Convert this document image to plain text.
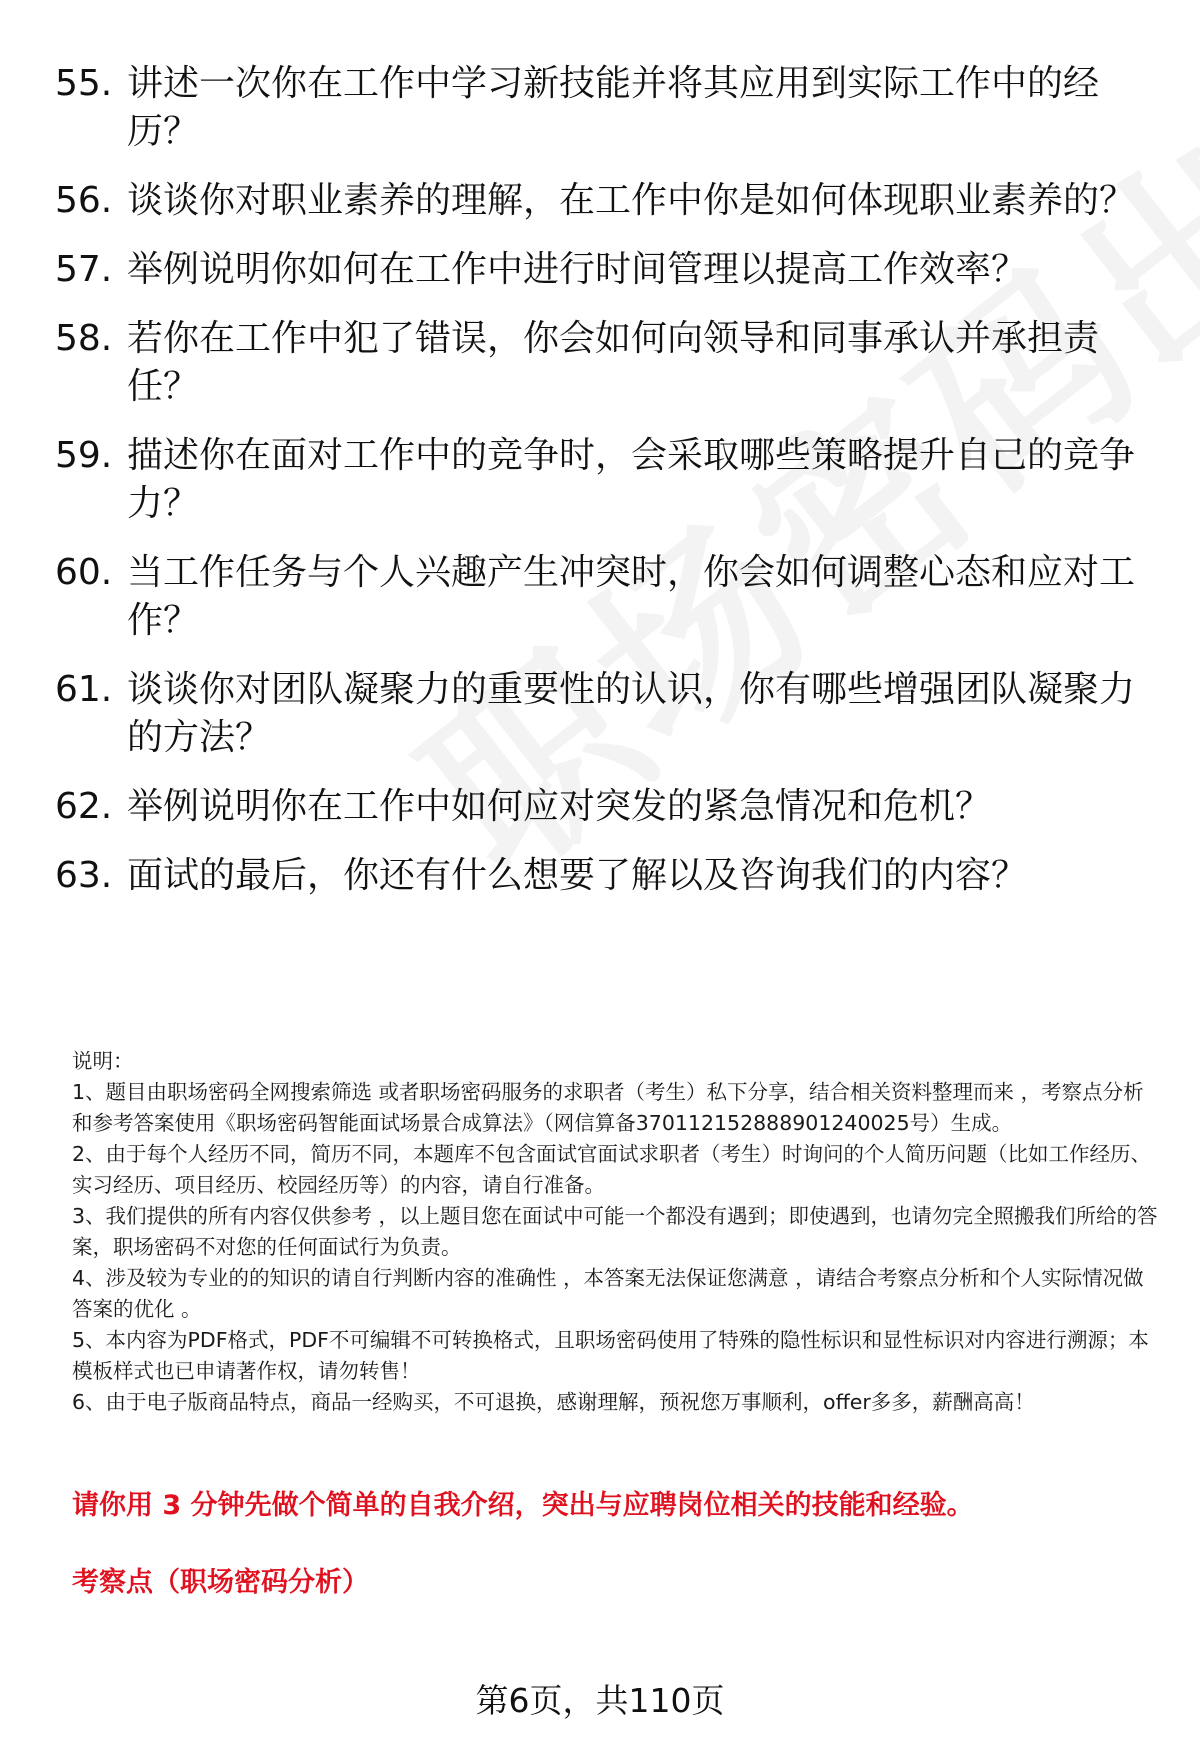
55. 讲述一次你在工作中学习新技能并将其应用到实际工作中的经历？
56. 谈谈你对职业素养的理解，在工作中你是如何体现职业素养的？
57. 举例说明你如何在工作中进行时间管理以提高工作效率？
58. 若你在工作中犯了错误，你会如何向领导和同事承认并承担责任？
59. 描述你在面对工作中的竞争时，会采取哪些策略提升自己的竞争力？
60. 当工作任务与个人兴趣产生冲突时，你会如何调整心态和应对工作？
61. 谈谈你对团队凝聚力的重要性的认识，你有哪些增强团队凝聚力的方法？
62. 举例说明你在工作中如何应对突发的紧急情况和危机？
63. 面试的最后，你还有什么想要了解以及咨询我们的内容？

说明：

1、题目由职场密码全网搜索筛选 或者职场密码服务的求职者（考生）私下分享，结合相关资料整理而来 ，考察点分析和参考答案使用《职场密码智能面试场景合成算法》（网信算备370112152888901240025号）生成。

2、由于每个人经历不同，简历不同，本题库不包含面试官面试求职者（考生）时询问的个人简历问题（比如工作经历、实习经历、项目经历、校园经历等）的内容，请自行准备。

3、我们提供的所有内容仅供参考 ，以上题目您在面试中可能一个都没有遇到；即使遇到，也请勿完全照搬我们所给的答案，职场密码不对您的任何面试行为负责。

4、涉及较为专业的的知识的请自行判断内容的准确性 ，本答案无法保证您满意 ，请结合考察点分析和个人实际情况做答案的优化 。

5、本内容为PDF格式，PDF不可编辑不可转换格式，且职场密码使用了特殊的隐性标识和显性标识对内容进行溯源；本模板样式也已申请著作权，请勿转售！

6、由于电子版商品特点，商品一经购买，不可退换，感谢理解，预祝您万事顺利，offer多多，薪酬高高！

请你用 3 分钟先做个简单的自我介绍，突出与应聘岗位相关的技能和经验。
考察点（职场密码分析）
第6页，共110页
